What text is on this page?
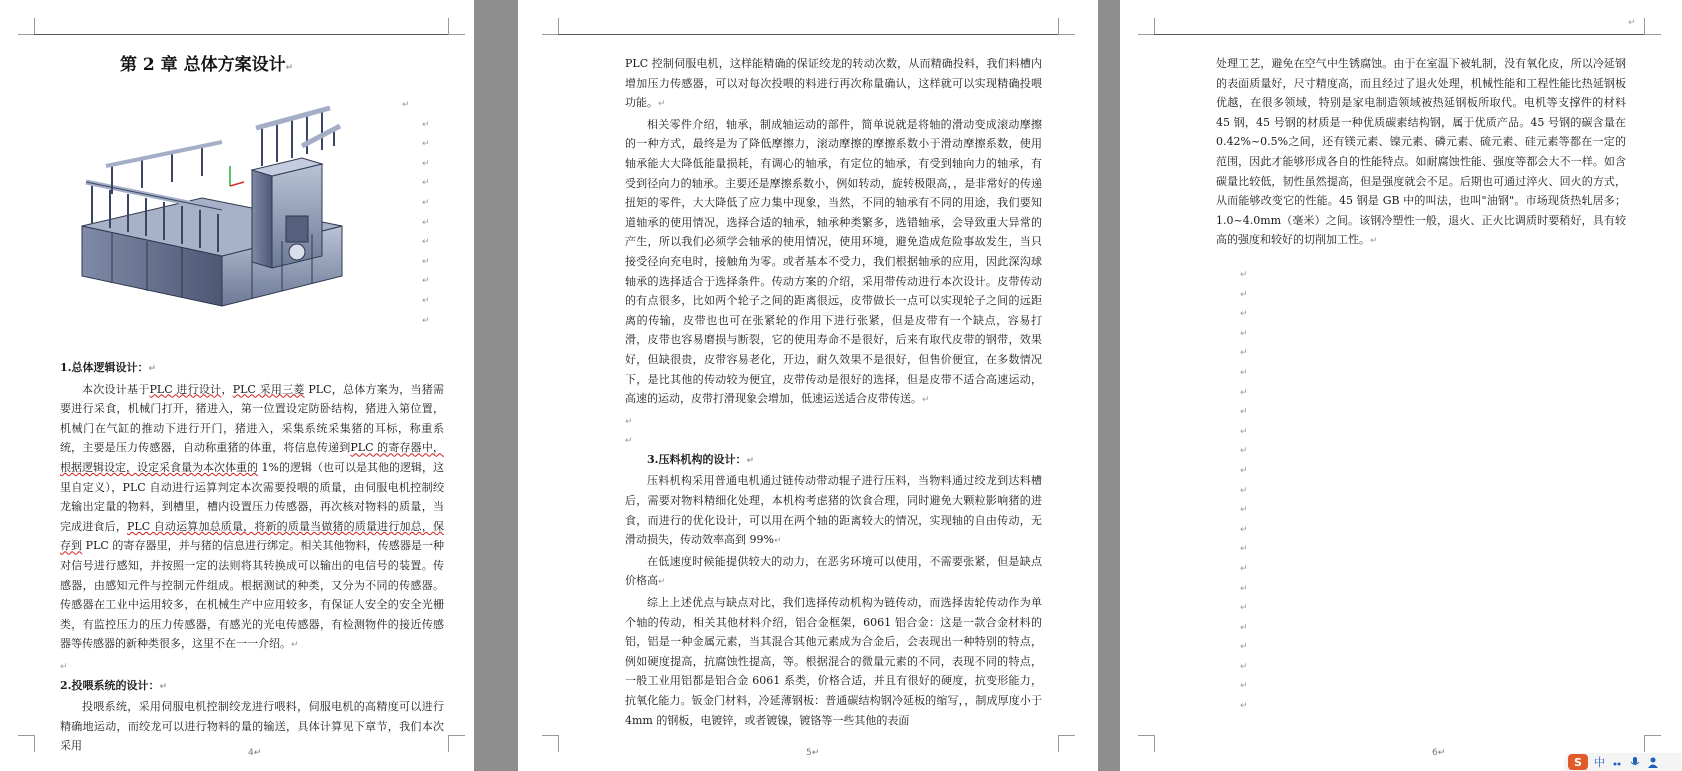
第 2 章 总体方案设计↵
↵
↵
↵
↵
↵
↵
↵
↵
↵
↵
↵
↵
1.总体逻辑设计：↵

本次设计基于PLC 进行设计，PLC 采用三菱 PLC，总体方案为，当猪需要进行采食，机械门打开，猪进入，第一位置设定防卧结构，猪进入第位置，机械门在气缸的推动下进行开门，猪进入，采集系统采集猪的耳标，称重系统，主要是压力传感器，自动称重猪的体重，将信息传递到PLC 的寄存器中，根据逻辑设定，设定采食量为本次体重的 1%的逻辑（也可以是其他的逻辑，这里自定义），PLC 自动进行运算判定本次需要投喂的质量，由伺服电机控制绞龙输出定量的物料，到槽里，槽内设置压力传感器，再次核对物料的质量，当完成进食后，PLC 自动运算加总质量，将新的质量当做猪的质量进行加总，保存到 PLC 的寄存器里，并与猪的信息进行绑定。相关其他物料，传感器是一种对信号进行感知，并按照一定的法则将其转换成可以输出的电信号的装置。传感器，由感知元件与控制元件组成。根据测试的种类，又分为不同的传感器。传感器在工业中运用较多，在机械生产中应用较多，有保证人安全的安全光栅类，有监控压力的压力传感器，有感光的光电传感器，有检测物件的接近传感器等传感器的新种类很多，这里不在一一介绍。↵

↵
2.投喂系统的设计：↵

投喂系统，采用伺服电机控制绞龙进行喂料，伺服电机的高精度可以进行精确地运动，而绞龙可以进行物料的量的输送，具体计算见下章节，我们本次采用

4↵

PLC 控制伺服电机，这样能精确的保证绞龙的转动次数，从而精确投料，我们料槽内增加压力传感器，可以对每次投喂的料进行再次称量确认，这样就可以实现精确投喂功能。↵

相关零件介绍，轴承，制成轴运动的部件，简单说就是将轴的滑动变成滚动摩擦的一种方式，最终是为了降低摩擦力，滚动摩擦的摩擦系数小于滑动摩擦系数，使用轴承能大大降低能量损耗，有调心的轴承，有定位的轴承，有受到轴向力的轴承，有受到径向力的轴承。主要还是摩擦系数小，例如转动，旋转极限高，，是非常好的传递扭矩的零件，大大降低了应力集中现象，当然，不同的轴承有不同的用途，我们要知道轴承的使用情况，选择合适的轴承，轴承种类繁多，选错轴承，会导致重大异常的产生，所以我们必须学会轴承的使用情况，使用环境，避免造成危险事故发生，当只接受径向充电时，接触角为零。或者基本不受力，我们根据轴承的应用，因此深沟球轴承的选择适合于选择条件。传动方案的介绍，采用带传动进行本次设计。皮带传动的有点很多，比如两个轮子之间的距离很远，皮带做长一点可以实现轮子之间的远距离的传输，皮带也也可在张紧轮的作用下进行张紧，但是皮带有一个缺点，容易打滑，皮带也容易磨损与断裂，它的使用寿命不是很好，后来有取代皮带的钢带，效果好，但缺很贵，皮带容易老化，开边，耐久效果不是很好，但售价便宜，在多数情况下，是比其他的传动较为便宜，皮带传动是很好的选择，但是皮带不适合高速运动，高速的运动，皮带打滑现象会增加，低速运送适合皮带传送。↵

↵
↵
3.压料机构的设计：↵

压料机构采用普通电机通过链传动带动辊子进行压料，当物料通过绞龙到达料槽后，需要对物料精细化处理，本机构考虑猪的饮食合理，同时避免大颗粒影响猪的进食，而进行的优化设计，可以用在两个轴的距离较大的情况，实现轴的自由传动，无滑动损失，传动效率高到 99%↵

在低速度时候能提供较大的动力，在恶劣环境可以使用，不需要张紧，但是缺点价格高↵

综上上述优点与缺点对比，我们选择传动机构为链传动，而选择齿轮传动作为单个轴的传动，相关其他材料介绍，铝合金框架，6061 铝合金：这是一款合金材料的铝，铝是一种金属元素，当其混合其他元素成为合金后，会表现出一种特别的特点，例如硬度提高，抗腐蚀性提高，等。根据混合的微量元素的不同，表现不同的特点，一般工业用铝都是铝合金 6061 系类，价格合适，并且有很好的硬度，抗变形能力，抗氧化能力。钣金门材料，冷延薄钢板：普通碳结构钢冷延板的缩写，，制成厚度小于 4mm 的钢板，电镀锌，或者镀镍，镀铬等一些其他的表面

5↵
↵

处理工艺，避免在空气中生锈腐蚀。由于在室温下被轧制，没有氧化皮，所以冷延钢的表面质量好，尺寸精度高，而且经过了退火处理，机械性能和工程性能比热延钢板优越，在很多领域，特别是家电制造领域被热延钢板所取代。电机等支撑件的材料 45 钢，45 号钢的材质是一种优质碳素结构钢，属于优质产品。45 号钢的碳含量在 0.42%~0.5%之间，还有镁元素、镍元素、磷元素、硫元素、硅元素等都在一定的范围，因此才能够形成各自的性能特点。如耐腐蚀性能、强度等都会大不一样。如含碳量比较低，韧性虽然提高，但是强度就会不足。后期也可通过淬火、回火的方式，从而能够改变它的性能。45 钢是 GB 中的叫法，也叫"油钢"。市场现货热轧居多；1.0~4.0mm（毫米）之间。该钢冷塑性一般，退火、正火比调质时要稍好，具有较高的强度和较好的切削加工性。↵

↵
↵
↵
↵
↵
↵
↵
↵
↵
↵
↵
↵
↵
↵
↵
↵
↵
↵
↵
↵
↵
↵
↵
6↵
S	中
